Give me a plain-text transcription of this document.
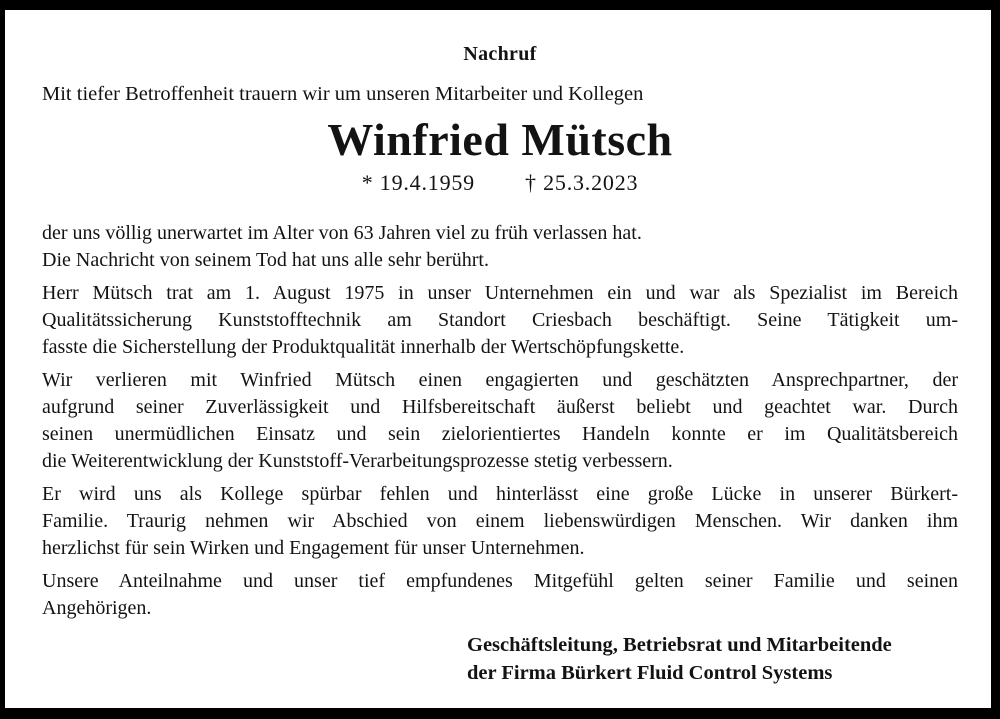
Nachruf
Mit tiefer Betroffenheit trauern wir um unseren Mitarbeiter und Kollegen
Winfried Mütsch
* 19.4.1959 † 25.3.2023

der uns völlig unerwartet im Alter von 63 Jahren viel zu früh verlassen hat.
Die Nachricht von seinem Tod hat uns alle sehr berührt.

Herr Mütsch trat am 1. August 1975 in unser Unternehmen ein und war als Spezialist im Bereich
Qualitätssicherung Kunststofftechnik am Standort Criesbach beschäftigt. Seine Tätigkeit um-
fasste die Sicherstellung der Produktqualität innerhalb der Wertschöpfungskette.

Wir verlieren mit Winfried Mütsch einen engagierten und geschätzten Ansprechpartner, der
aufgrund seiner Zuverlässigkeit und Hilfsbereitschaft äußerst beliebt und geachtet war. Durch
seinen unermüdlichen Einsatz und sein zielorientiertes Handeln konnte er im Qualitätsbereich
die Weiterentwicklung der Kunststoff-Verarbeitungsprozesse stetig verbessern.

Er wird uns als Kollege spürbar fehlen und hinterlässt eine große Lücke in unserer Bürkert-
Familie. Traurig nehmen wir Abschied von einem liebenswürdigen Menschen. Wir danken ihm
herzlichst für sein Wirken und Engagement für unser Unternehmen.

Unsere Anteilnahme und unser tief empfundenes Mitgefühl gelten seiner Familie und seinen
Angehörigen.

Geschäftsleitung, Betriebsrat und Mitarbeitende
der Firma Bürkert Fluid Control Systems
